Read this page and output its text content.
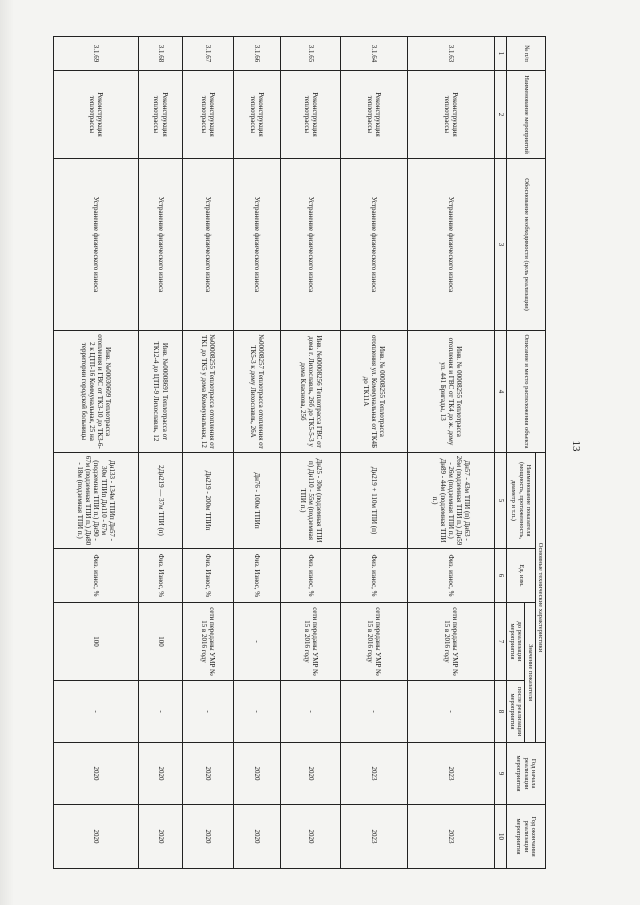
13
№ п/п	Наименование мероприятий	Обоснование необходимости (цель реализации)	Описание и место расположения объекта	Основные технические характеристики				Год начала реализации мероприятия	Год окончания реализации мероприятия
				Наименование показателя (мощность, протяженность, диаметр и т.п.)	Ед. изм.	Значение показателя			
						до реализации мероприятия	после реализации мероприятия		
1	2	3	4	5	6	7	8	9	10
3.1.63	Реконструкция теплотрассы	Устранение физического износа	Инв. № 00008255 Теплотрасса отопления и ГВС от ТК4 до ж. дому ул. 441 Бригады, 13	Дн57 - 43м ТПИ (п) Дн63 - 26м (подземная ТПИ п.) Дн59 - 26м (подземная ТПИ п.) Дн89 - 44м (подземная ТПИ п.)	Физ. износ, %	сети переданы УМР № 15 в 2016 году	-	2023	2023
3.1.64	Реконструкция теплотрассы	Устранение физического износа	Инв. № 00008255 Теплотрасса отопления ул. Коммунальная от ТК4Б до ТК11А	Дн219 + 110м ТПИ (п)	Физ. износ, %	сети переданы УМР № 15 в 2016 году	-	2023	2023
3.1.65	Реконструкция теплотрассы	Устранение физического износа	Инв. №00008256 Теплотрасса ГВС от дома г. Лихославль, 26б до ТК5-5-3 у дома Класнова, 25б	Дн25 - 30м (подземная ТПИ п) Дн110 - 55м (подземная ТПИ п.)	Физ. износ, %	сети переданы УМР № 15 в 2016 году	-	2020	2020
3.1.66	Реконструкция теплотрассы	Устранение физического износа	№00008257 Теплотрасса отопления от ТК5-3 к дому Лихославль, 26А	Дн76 - 100м ТПИп	Физ. Износ, %	-	-	2020	2020
3.1.67	Реконструкция теплотрассы	Устранение физического износа	№00008255 Теплотрасса отопления от ТК1 до ТК5 у дома Коммунальная, 12	Дн219 - 200м ТПИп	Физ. Износ, %	сети переданы УМР № 15 в 2016 году	-	2020	2020
3.1.68	Реконструкция теплотрассы	Устранение физического износа	Инв. №00008691 Теплотрасса от ТК12-4 до ЦТП-9 Лихославль, 12	2Дн219 — 37м ТПИ (п)	Физ. Износ, %	100	-	2020	2020
3.1.69	Реконструкция теплотрассы	Устранение физического износа	Инв. №00030609 Теплотрасса отопления и ГВС от ТК3-10 до ТК3-6-2 к ЦТП-16 Коммунальная, 25 на территории городской больницы	Дн133 - 134м ТПИп Дн57 - 30м ТПИп Дн110 - 67м (подземная ТПИ п.) Дн90 - 67м (подземная ТПИ п.) Дн80 - 18м (подземная ТПИ п.)	Физ. износ, %	100	-	2020	2020
